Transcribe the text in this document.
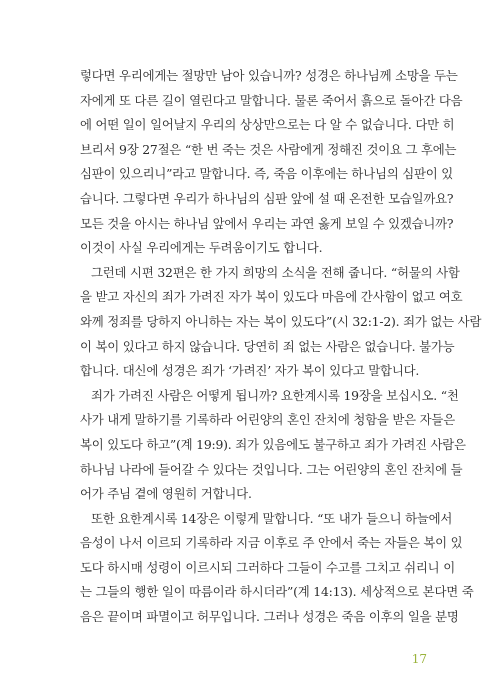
렇다면 우리에게는 절망만 남아 있습니까? 성경은 하나님께 소망을 두는
자에게 또 다른 길이 열린다고 말합니다. 물론 죽어서 흙으로 돌아간 다음
에 어떤 일이 일어날지 우리의 상상만으로는 다 알 수 없습니다. 다만 히
브리서 9장 27절은 “한 번 죽는 것은 사람에게 정해진 것이요 그 후에는
심판이 있으리니”라고 말합니다. 즉, 죽음 이후에는 하나님의 심판이 있
습니다. 그렇다면 우리가 하나님의 심판 앞에 설 때 온전한 모습일까요?
모든 것을 아시는 하나님 앞에서 우리는 과연 옳게 보일 수 있겠습니까?
이것이 사실 우리에게는 두려움이기도 합니다.
그런데 시편 32편은 한 가지 희망의 소식을 전해 줍니다. “허물의 사함
을 받고 자신의 죄가 가려진 자가 복이 있도다 마음에 간사함이 없고 여호
와께 정죄를 당하지 아니하는 자는 복이 있도다”(시 32:1-2). 죄가 없는 사람
이 복이 있다고 하지 않습니다. 당연히 죄 없는 사람은 없습니다. 불가능
합니다. 대신에 성경은 죄가 ‘가려진’ 자가 복이 있다고 말합니다.
죄가 가려진 사람은 어떻게 됩니까? 요한계시록 19장을 보십시오. “천
사가 내게 말하기를 기록하라 어린양의 혼인 잔치에 청함을 받은 자들은
복이 있도다 하고”(계 19:9). 죄가 있음에도 불구하고 죄가 가려진 사람은
하나님 나라에 들어갈 수 있다는 것입니다. 그는 어린양의 혼인 잔치에 들
어가 주님 곁에 영원히 거합니다.
또한 요한계시록 14장은 이렇게 말합니다. “또 내가 들으니 하늘에서
음성이 나서 이르되 기록하라 지금 이후로 주 안에서 죽는 자들은 복이 있
도다 하시매 성령이 이르시되 그러하다 그들이 수고를 그치고 쉬리니 이
는 그들의 행한 일이 따름이라 하시더라”(계 14:13). 세상적으로 본다면 죽
음은 끝이며 파멸이고 허무입니다. 그러나 성경은 죽음 이후의 일을 분명
17
